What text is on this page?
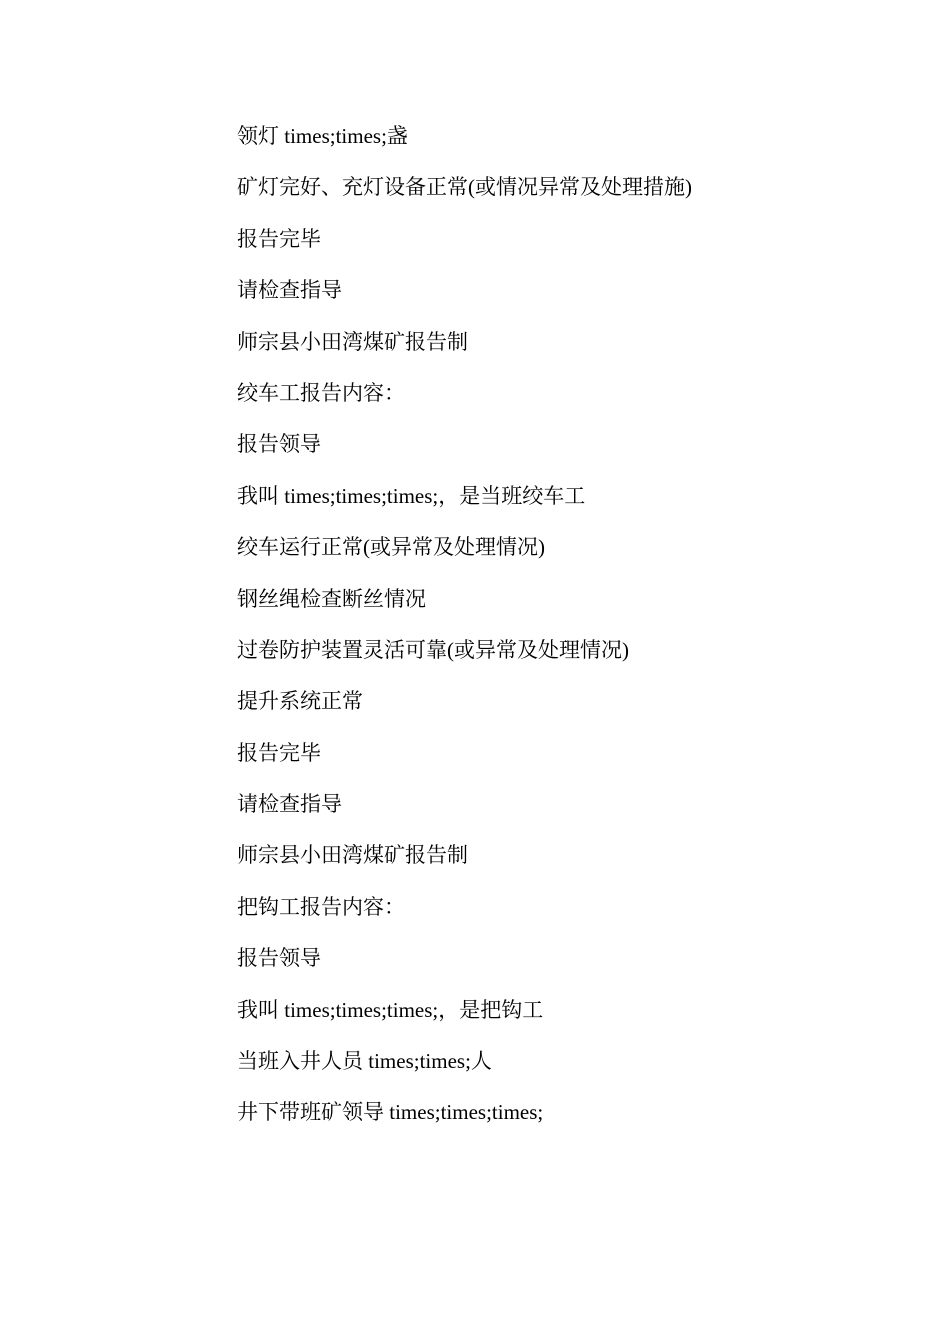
领灯 times;times;盏

矿灯完好、充灯设备正常(或情况异常及处理措施)

报告完毕

请检查指导

师宗县小田湾煤矿报告制

绞车工报告内容：

报告领导

我叫 times;times;times;，是当班绞车工

绞车运行正常(或异常及处理情况)

钢丝绳检查断丝情况

过卷防护装置灵活可靠(或异常及处理情况)

提升系统正常

报告完毕

请检查指导

师宗县小田湾煤矿报告制

把钩工报告内容：

报告领导

我叫 times;times;times;，是把钩工

当班入井人员 times;times;人

井下带班矿领导 times;times;times;
